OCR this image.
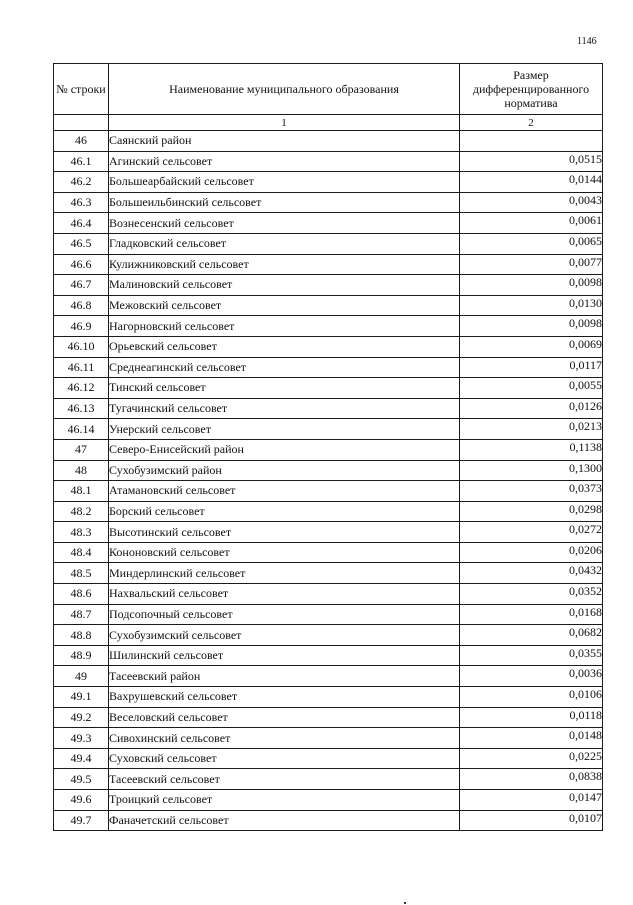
1146
№ строки	Наименование муниципального образования	Размер дифференцированного норматива
	1	2
46	Саянский район	
46.1	Агинский сельсовет	0,0515
46.2	Большеарбайский сельсовет	0,0144
46.3	Большеильбинский сельсовет	0,0043
46.4	Вознесенский сельсовет	0,0061
46.5	Гладковский сельсовет	0,0065
46.6	Кулижниковский сельсовет	0,0077
46.7	Малиновский сельсовет	0,0098
46.8	Межовский сельсовет	0,0130
46.9	Нагорновский сельсовет	0,0098
46.10	Орьевский сельсовет	0,0069
46.11	Среднеагинский сельсовет	0,0117
46.12	Тинский сельсовет	0,0055
46.13	Тугачинский сельсовет	0,0126
46.14	Унерский сельсовет	0,0213
47	Северо-Енисейский район	0,1138
48	Сухобузимский район	0,1300
48.1	Атамановский сельсовет	0,0373
48.2	Борский сельсовет	0,0298
48.3	Высотинский сельсовет	0,0272
48.4	Кононовский сельсовет	0,0206
48.5	Миндерлинский сельсовет	0,0432
48.6	Нахвальский сельсовет	0,0352
48.7	Подсопочный сельсовет	0,0168
48.8	Сухобузимский сельсовет	0,0682
48.9	Шилинский сельсовет	0,0355
49	Тасеевский район	0,0036
49.1	Вахрушевский сельсовет	0,0106
49.2	Веселовский сельсовет	0,0118
49.3	Сивохинский сельсовет	0,0148
49.4	Суховский сельсовет	0,0225
49.5	Тасеевский сельсовет	0,0838
49.6	Троицкий сельсовет	0,0147
49.7	Фаначетский сельсовет	0,0107
